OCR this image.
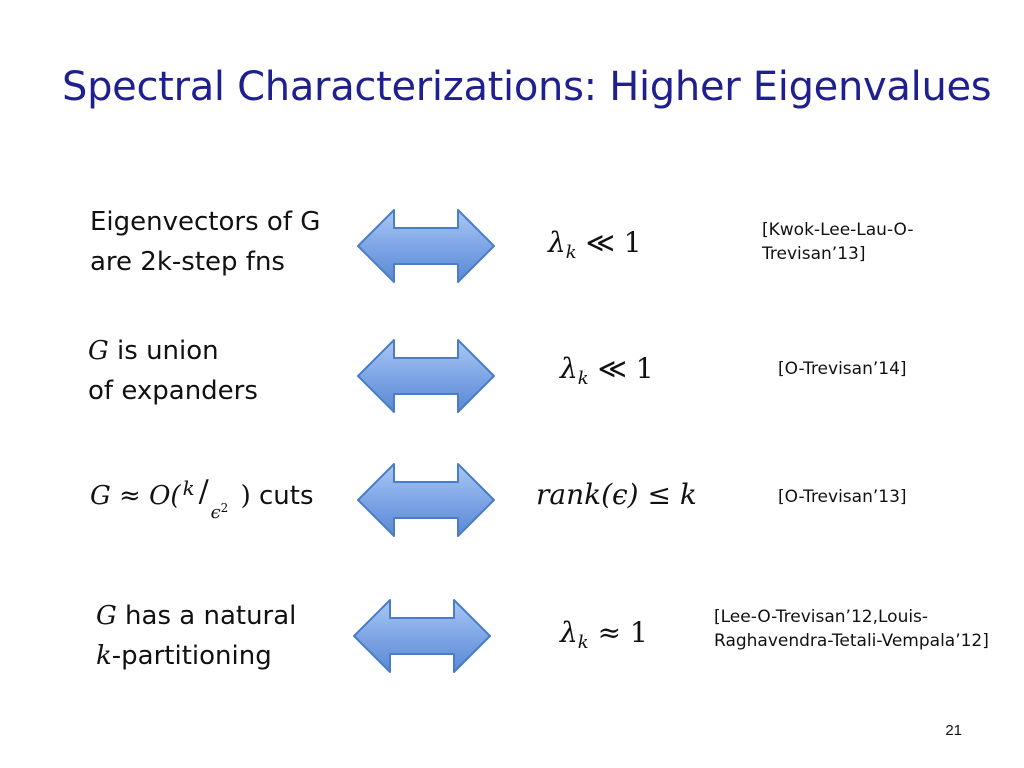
Spectral Characterizations: Higher Eigenvalues
Eigenvectors of G
are 2k-step fns
$\lambda_k$ ≪ 1	[Kwok-Lee-Lau-O-
Trevisan’13]
G is union
of expanders
$\lambda_k$ ≪ 1	[O-Trevisan’14]
G ≈ O( k /
$\epsilon^2$ ) cuts	rank(ϵ) ≤ k	[O-Trevisan’13]
G has a natural
k-partitioning
$\lambda_k \approx 1$	[Lee-O-Trevisan’12,Louis-
Raghavendra-Tetali-Vempala’12]
21
